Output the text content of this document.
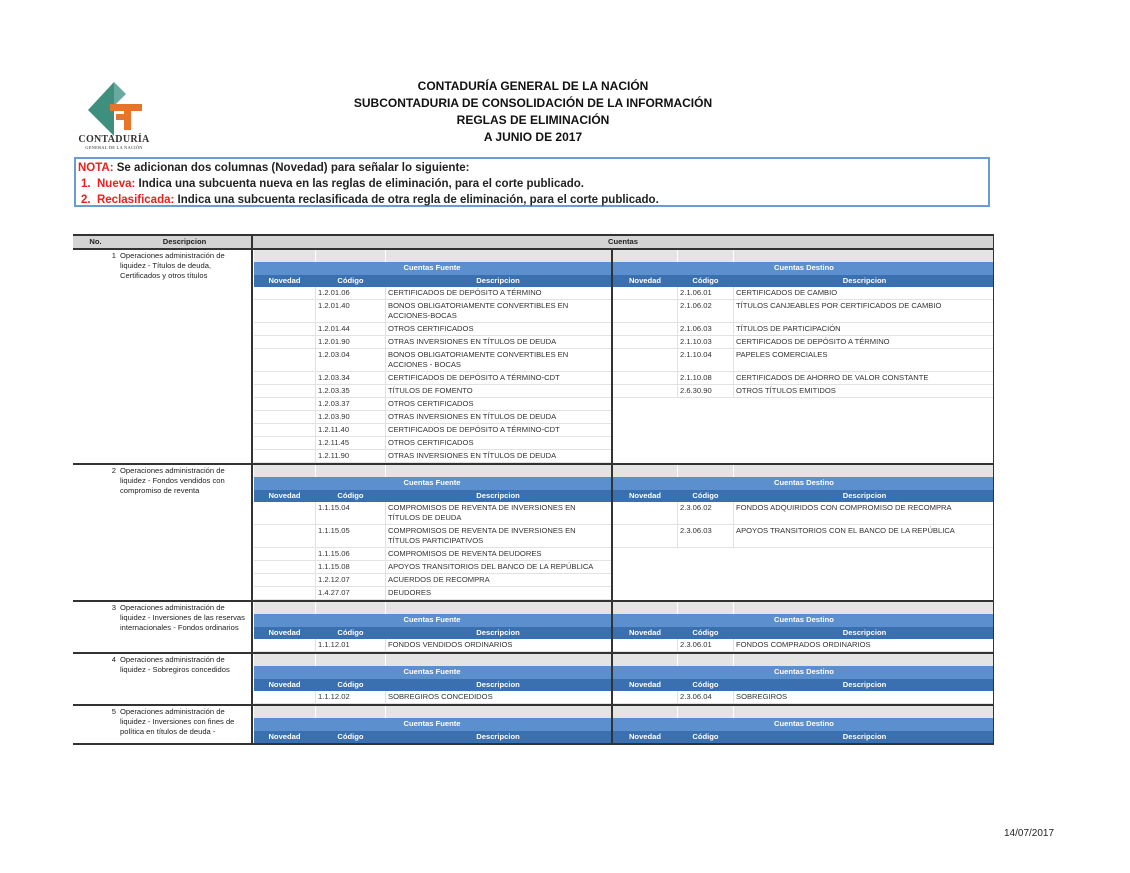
CONTADURÍA
GENERAL DE LA NACIÓN
CONTADURÍA GENERAL DE LA NACIÓN
SUBCONTADURIA DE CONSOLIDACIÓN DE LA INFORMACIÓN
REGLAS DE ELIMINACIÓN
A JUNIO DE 2017
NOTA: Se adicionan dos columnas (Novedad) para señalar lo siguiente:
1. Nueva: Indica una subcuenta nueva en las reglas de eliminación, para el corte publicado.
2. Reclasificada: Indica una subcuenta reclasificada de otra regla de eliminación, para el corte publicado.
No.	Descripcion	Cuentas
1	Operaciones administración de liquidez - Títulos de deuda, Certificados y otros títulos	

Cuentas Fuente	Cuentas Destino
Novedad	Código	Descripcion	Novedad	Código	Descripcion
	1.2.01.06	CERTIFICADOS DE DEPÓSITO A TÉRMINO		2.1.06.01	CERTIFICADOS DE CAMBIO
	1.2.01.40	BONOS OBLIGATORIAMENTE CONVERTIBLES EN ACCIONES-BOCAS		2.1.06.02	TÍTULOS CANJEABLES POR CERTIFICADOS DE CAMBIO
	1.2.01.44	OTROS CERTIFICADOS		2.1.06.03	TÍTULOS DE PARTICIPACIÓN
	1.2.01.90	OTRAS INVERSIONES EN TÍTULOS DE DEUDA		2.1.10.03	CERTIFICADOS DE DEPÓSITO A TÉRMINO
	1.2.03.04	BONOS OBLIGATORIAMENTE CONVERTIBLES EN ACCIONES - BOCAS		2.1.10.04	PAPELES COMERCIALES
	1.2.03.34	CERTIFICADOS DE DEPÓSITO A TÉRMINO-CDT		2.1.10.08	CERTIFICADOS DE AHORRO DE VALOR CONSTANTE
	1.2.03.35	TÍTULOS DE FOMENTO		2.6.30.90	OTROS TÍTULOS EMITIDOS
	1.2.03.37	OTROS CERTIFICADOS			
	1.2.03.90	OTRAS INVERSIONES EN TÍTULOS DE DEUDA			
	1.2.11.40	CERTIFICADOS DE DEPÓSITO A TÉRMINO-CDT			
	1.2.11.45	OTROS CERTIFICADOS			
	1.2.11.90	OTRAS INVERSIONES EN TÍTULOS DE DEUDA			

2	Operaciones administración de liquidez - Fondos vendidos con compromiso de reventa	

Cuentas Fuente	Cuentas Destino
Novedad	Código	Descripcion	Novedad	Código	Descripcion
	1.1.15.04	COMPROMISOS DE REVENTA DE INVERSIONES EN TÍTULOS DE DEUDA		2.3.06.02	FONDOS ADQUIRIDOS CON COMPROMISO DE RECOMPRA
	1.1.15.05	COMPROMISOS DE REVENTA DE INVERSIONES EN TÍTULOS PARTICIPATIVOS		2.3.06.03	APOYOS TRANSITORIOS CON EL BANCO DE LA REPÚBLICA
	1.1.15.06	COMPROMISOS DE REVENTA DEUDORES			
	1.1.15.08	APOYOS TRANSITORIOS DEL BANCO DE LA REPÚBLICA			
	1.2.12.07	ACUERDOS DE RECOMPRA			
	1.4.27.07	DEUDORES			

3	Operaciones administración de liquidez - Inversiones de las reservas internacionales - Fondos ordinarios	

Cuentas Fuente	Cuentas Destino
Novedad	Código	Descripcion	Novedad	Código	Descripcion
	1.1.12.01	FONDOS VENDIDOS ORDINARIOS		2.3.06.01	FONDOS COMPRADOS ORDINARIOS

4	Operaciones administración de liquidez - Sobregiros concedidos	
						Cuentas Fuente	Cuentas Destino
Novedad	Código	Descripcion	Novedad	Código	Descripcion
	1.1.12.02	SOBREGIROS CONCEDIDOS		2.3.06.04	SOBREGIROS

5	Operaciones administración de liquidez - Inversiones con fines de política en títulos de deuda -	

Cuentas Fuente	Cuentas Destino
Novedad	Código	Descripcion	Novedad	Código	Descripcion
14/07/2017
